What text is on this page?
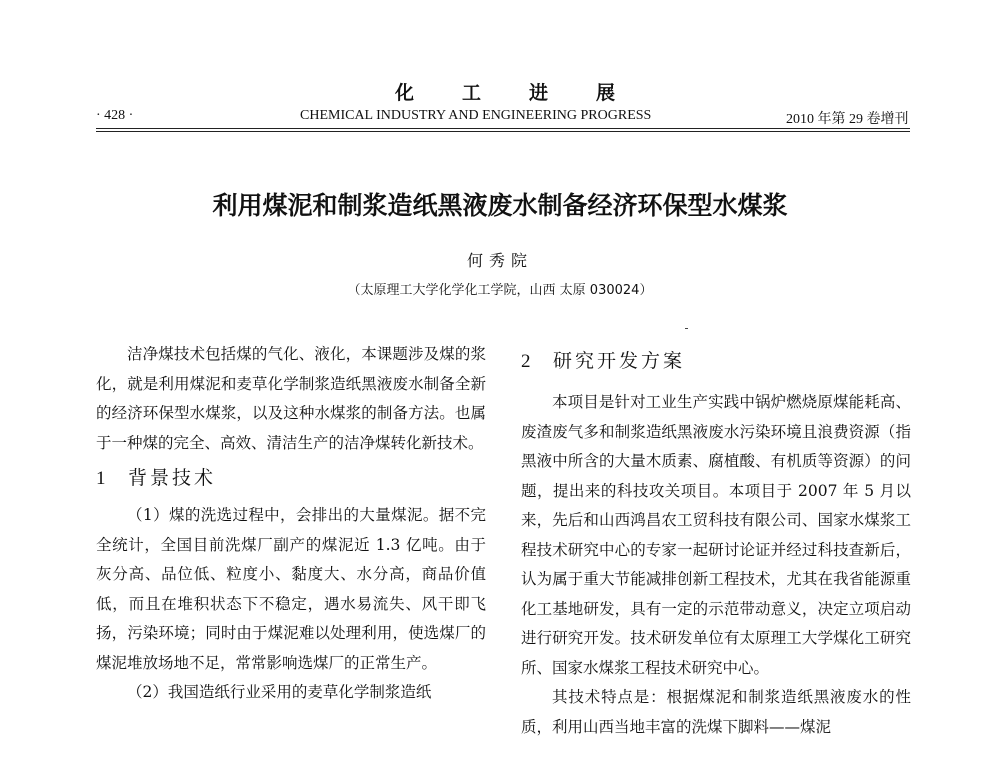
化	工	进	展
· 428 ·	CHEMICAL INDUSTRY AND ENGINEERING PROGRESS	2010 年第 29 卷增刊
利用煤泥和制浆造纸黑液废水制备经济环保型水煤浆
何秀院
（太原理工大学化学化工学院，山西 太原 030024）

洁净煤技术包括煤的气化、液化，本课题涉及煤的浆化，就是利用煤泥和麦草化学制浆造纸黑液废水制备全新的经济环保型水煤浆，以及这种水煤浆的制备方法。也属于一种煤的完全、高效、清洁生产的洁净煤转化新技术。

1 背景技术

（1）煤的洗选过程中，会排出的大量煤泥。据不完全统计，全国目前洗煤厂副产的煤泥近 1.3 亿吨。由于灰分高、品位低、粒度小、黏度大、水分高，商品价值低，而且在堆积状态下不稳定，遇水易流失、风干即飞扬，污染环境；同时由于煤泥难以处理利用，使选煤厂的煤泥堆放场地不足，常常影响选煤厂的正常生产。

（2）我国造纸行业采用的麦草化学制浆造纸

2 研究开发方案

本项目是针对工业生产实践中锅炉燃烧原煤能耗高、废渣废气多和制浆造纸黑液废水污染环境且浪费资源（指黑液中所含的大量木质素、腐植酸、有机质等资源）的问题，提出来的科技攻关项目。本项目于 2007 年 5 月以来，先后和山西鸿昌农工贸科技有限公司、国家水煤浆工程技术研究中心的专家一起研讨论证并经过科技查新后，认为属于重大节能减排创新工程技术，尤其在我省能源重化工基地研发，具有一定的示范带动意义，决定立项启动进行研究开发。技术研发单位有太原理工大学煤化工研究所、国家水煤浆工程技术研究中心。

其技术特点是：根据煤泥和制浆造纸黑液废水的性质，利用山西当地丰富的洗煤下脚料——煤泥
